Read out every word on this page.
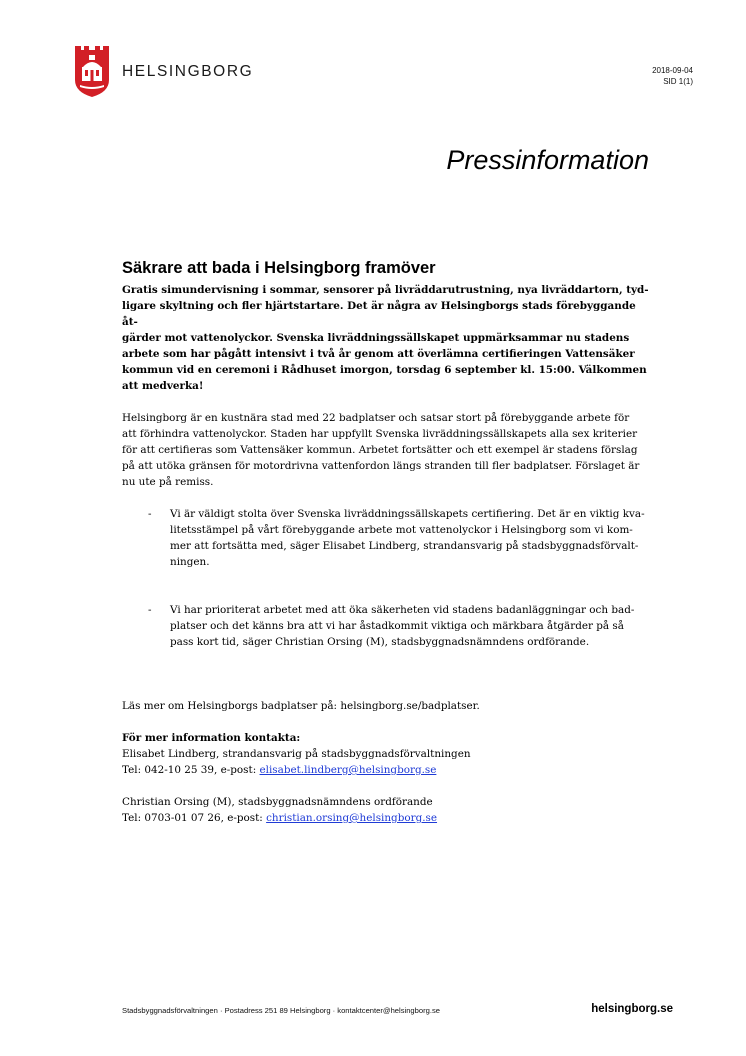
HELSINGBORG	2018-09-04
SID 1(1)
Pressinformation
Säkrare att bada i Helsingborg framöver
Gratis simundervisning i sommar, sensorer på livräddarutrustning, nya livräddartorn, tyd-
ligare skyltning och fler hjärtstartare. Det är några av Helsingborgs stads förebyggande åt-
gärder mot vattenolyckor. Svenska livräddningssällskapet uppmärksammar nu stadens
arbete som har pågått intensivt i två år genom att överlämna certifieringen Vattensäker
kommun vid en ceremoni i Rådhuset imorgon, torsdag 6 september kl. 15:00. Välkommen
att medverka!
Helsingborg är en kustnära stad med 22 badplatser och satsar stort på förebyggande arbete för
att förhindra vattenolyckor. Staden har uppfyllt Svenska livräddningssällskapets alla sex kriterier
för att certifieras som Vattensäker kommun. Arbetet fortsätter och ett exempel är stadens förslag
på att utöka gränsen för motordrivna vattenfordon längs stranden till fler badplatser. Förslaget är
nu ute på remiss.
- Vi är väldigt stolta över Svenska livräddningssällskapets certifiering. Det är en viktig kva-
litetsstämpel på vårt förebyggande arbete mot vattenolyckor i Helsingborg som vi kom-
mer att fortsätta med, säger Elisabet Lindberg, strandansvarig på stadsbyggnadsförvalt-
ningen.
- Vi har prioriterat arbetet med att öka säkerheten vid stadens badanläggningar och bad-
platser och det känns bra att vi har åstadkommit viktiga och märkbara åtgärder på så
pass kort tid, säger Christian Orsing (M), stadsbyggnadsnämndens ordförande.

Läs mer om Helsingborgs badplatser på: helsingborg.se/badplatser.

För mer information kontakta:

Elisabet Lindberg, strandansvarig på stadsbyggnadsförvaltningen

Tel: 042-10 25 39, e-post: elisabet.lindberg@helsingborg.se

Christian Orsing (M), stadsbyggnadsnämndens ordförande

Tel: 0703-01 07 26, e-post: christian.orsing@helsingborg.se

Stadsbyggnadsförvaltningen · Postadress 251 89 Helsingborg · kontaktcenter@helsingborg.se	helsingborg.se
